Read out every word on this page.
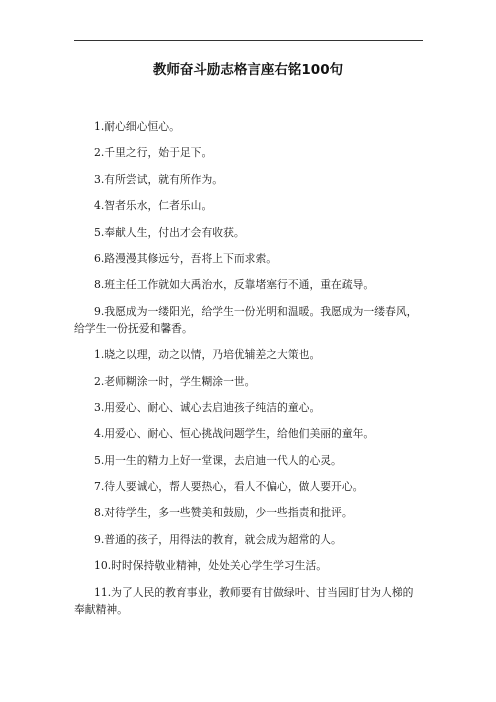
教师奋斗励志格言座右铭100句

1.耐心细心恒心。

2.千里之行，始于足下。

3.有所尝试，就有所作为。

4.智者乐水，仁者乐山。

5.奉献人生，付出才会有收获。

6.路漫漫其修远兮，吾将上下而求索。

8.班主任工作就如大禹治水，反靠堵塞行不通，重在疏导。

9.我愿成为一缕阳光，给学生一份光明和温暖。我愿成为一缕春风，给学生一份抚爱和馨香。

1.晓之以理，动之以情，乃培优辅差之大策也。

2.老师糊涂一时，学生糊涂一世。

3.用爱心、耐心、诚心去启迪孩子纯洁的童心。

4.用爱心、耐心、恒心挑战问题学生，给他们美丽的童年。

5.用一生的精力上好一堂课，去启迪一代人的心灵。

7.待人要诚心，帮人要热心，看人不偏心，做人要开心。

8.对待学生，多一些赞美和鼓励，少一些指责和批评。

9.普通的孩子，用得法的教育，就会成为超常的人。

10.时时保持敬业精神，处处关心学生学习生活。

11.为了人民的教育事业，教师要有甘做绿叶、甘当园盯甘为人梯的奉献精神。
